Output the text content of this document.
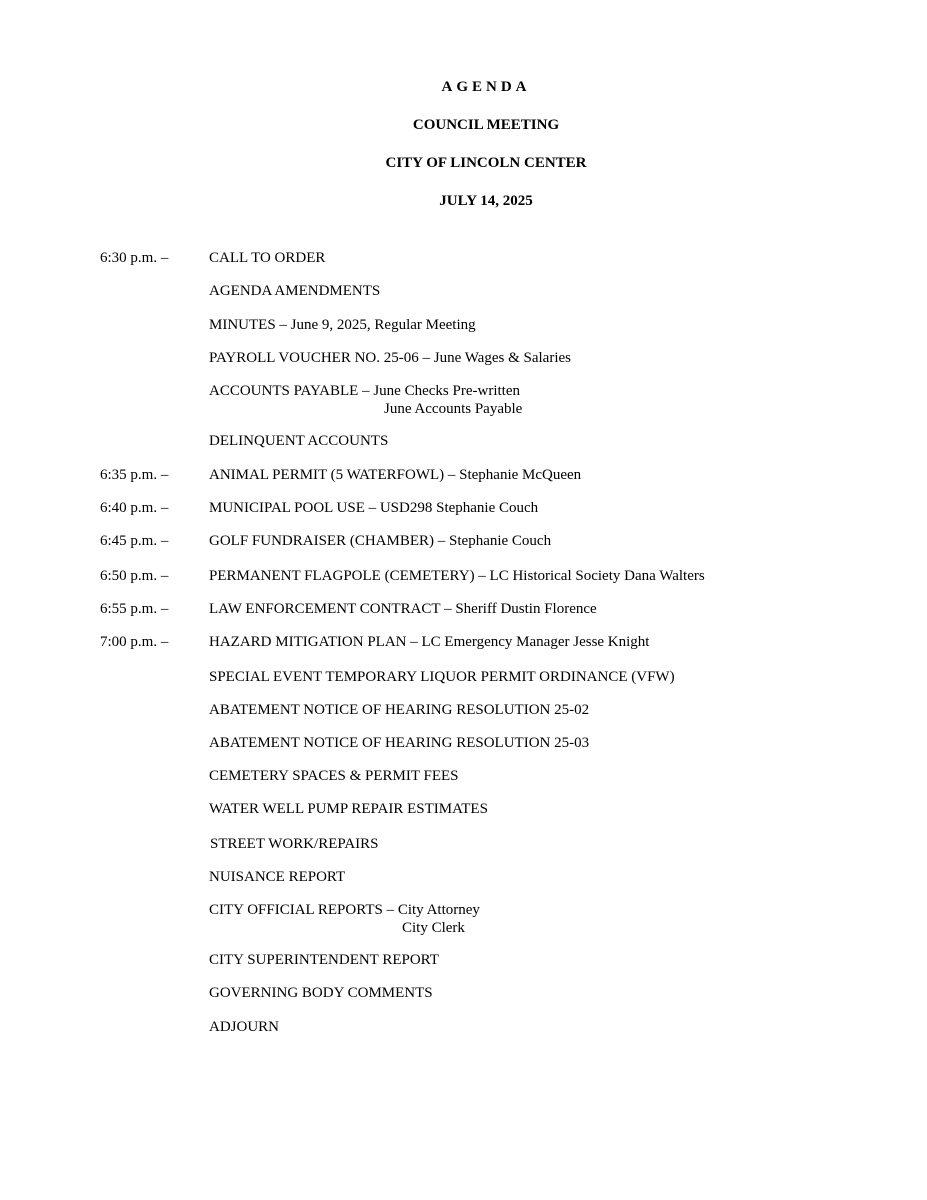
AGENDA
COUNCIL MEETING
CITY OF LINCOLN CENTER
JULY 14, 2025
6:30 p.m. –	CALL TO ORDER
AGENDA AMENDMENTS
MINUTES – June 9, 2025, Regular Meeting
PAYROLL VOUCHER NO. 25-06 – June Wages & Salaries
ACCOUNTS PAYABLE – June Checks Pre-written
June Accounts Payable
DELINQUENT ACCOUNTS
6:35 p.m. –	ANIMAL PERMIT (5 WATERFOWL) – Stephanie McQueen
6:40 p.m. –	MUNICIPAL POOL USE – USD298 Stephanie Couch
6:45 p.m. –	GOLF FUNDRAISER (CHAMBER) – Stephanie Couch
6:50 p.m. –	PERMANENT FLAGPOLE (CEMETERY) – LC Historical Society Dana Walters
6:55 p.m. –	LAW ENFORCEMENT CONTRACT – Sheriff Dustin Florence
7:00 p.m. –	HAZARD MITIGATION PLAN – LC Emergency Manager Jesse Knight
SPECIAL EVENT TEMPORARY LIQUOR PERMIT ORDINANCE (VFW)
ABATEMENT NOTICE OF HEARING RESOLUTION 25-02
ABATEMENT NOTICE OF HEARING RESOLUTION 25-03
CEMETERY SPACES & PERMIT FEES
WATER WELL PUMP REPAIR ESTIMATES
STREET WORK/REPAIRS
NUISANCE REPORT
CITY OFFICIAL REPORTS – City Attorney
City Clerk
CITY SUPERINTENDENT REPORT
GOVERNING BODY COMMENTS
ADJOURN
